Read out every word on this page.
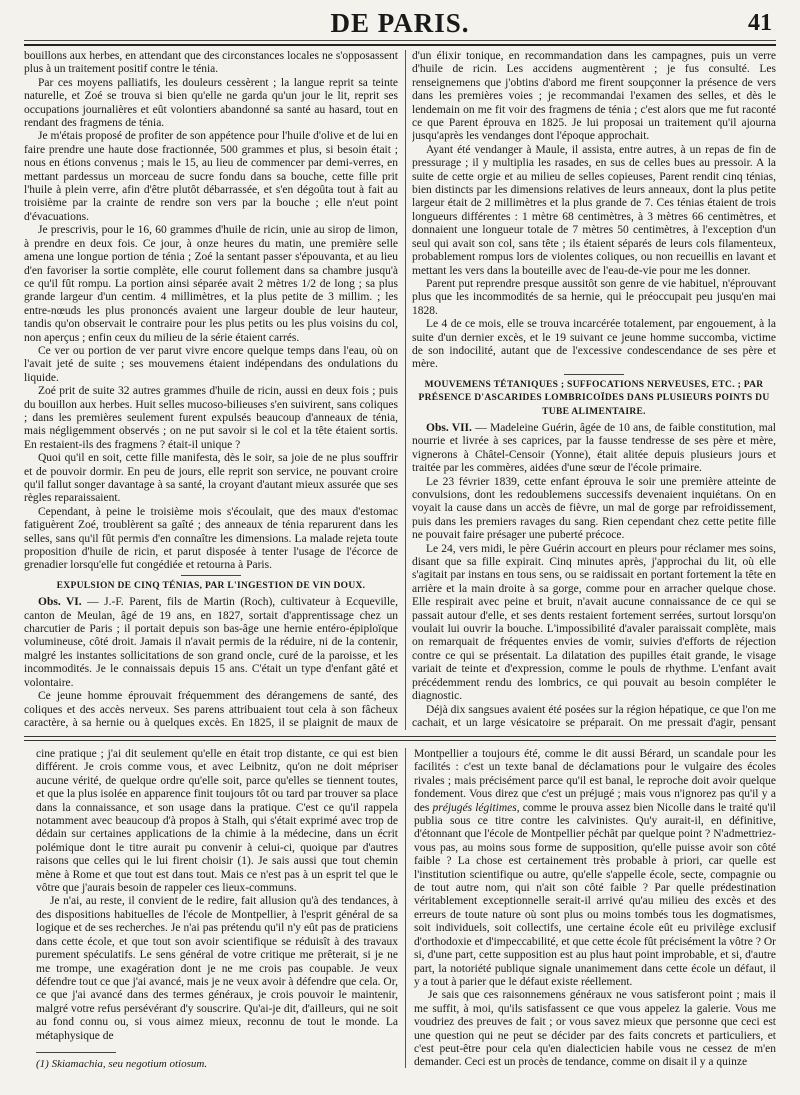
DE PARIS.	41

bouillons aux herbes, en attendant que des circonstances locales ne s'opposassent plus à un traitement positif contre le ténia.

Par ces moyens palliatifs, les douleurs cessèrent ; la langue reprit sa teinte naturelle, et Zoé se trouva si bien qu'elle ne garda qu'un jour le lit, reprit ses occupations journalières et eût volontiers abandonné sa santé au hasard, tout en rendant des fragmens de ténia.

Je m'étais proposé de profiter de son appétence pour l'huile d'olive et de lui en faire prendre une haute dose fractionnée, 500 grammes et plus, si besoin était ; nous en étions convenus ; mais le 15, au lieu de commencer par demi-verres, en mettant pardessus un morceau de sucre fondu dans sa bouche, cette fille prit l'huile à plein verre, afin d'être plutôt débarrassée, et s'en dégoûta tout à fait au troisième par la crainte de rendre son vers par la bouche ; elle n'eut point d'évacuations.

Je prescrivis, pour le 16, 60 grammes d'huile de ricin, unie au sirop de limon, à prendre en deux fois. Ce jour, à onze heures du matin, une première selle amena une longue portion de ténia ; Zoé la sentant passer s'épouvanta, et au lieu d'en favoriser la sortie complète, elle courut follement dans sa chambre jusqu'à ce qu'il fût rompu. La portion ainsi séparée avait 2 mètres 1/2 de long ; sa plus grande largeur d'un centim. 4 millimètres, et la plus petite de 3 millim. ; les entre-nœuds les plus prononcés avaient une largeur double de leur hauteur, tandis qu'on observait le contraire pour les plus petits ou les plus voisins du col, non aperçus ; enfin ceux du milieu de la série étaient carrés.

Ce ver ou portion de ver parut vivre encore quelque temps dans l'eau, où on l'avait jeté de suite ; ses mouvemens étaient indépendans des ondulations du liquide.

Zoé prit de suite 32 autres grammes d'huile de ricin, aussi en deux fois ; puis du bouillon aux herbes. Huit selles mucoso-bilieuses s'en suivirent, sans coliques ; dans les premières seulement furent expulsés beaucoup d'anneaux de ténia, mais négligemment observés ; on ne put savoir si le col et la tête étaient sortis. En restaient-ils des fragmens ? était-il unique ?

Quoi qu'il en soit, cette fille manifesta, dès le soir, sa joie de ne plus souffrir et de pouvoir dormir. En peu de jours, elle reprit son service, ne pouvant croire qu'il fallut songer davantage à sa santé, la croyant d'autant mieux assurée que ses règles reparaissaient.

Cependant, à peine le troisième mois s'écoulait, que des maux d'estomac fatiguèrent Zoé, troublèrent sa gaîté ; des anneaux de ténia reparurent dans les selles, sans qu'il fût permis d'en connaître les dimensions. La malade rejeta toute proposition d'huile de ricin, et parut disposée à tenter l'usage de l'écorce de grenadier lorsqu'elle fut congédiée et retourna à Paris.

EXPULSION DE CINQ TÉNIAS, PAR L'INGESTION DE VIN DOUX.

Obs. VI. — J.-F. Parent, fils de Martin (Roch), cultivateur à Ecqueville, canton de Meulan, âgé de 19 ans, en 1827, sortait d'apprentissage chez un charcutier de Paris ; il portait depuis son bas-âge une hernie entéro-épiploïque volumineuse, côté droit. Jamais il n'avait permis de la réduire, ni de la contenir, malgré les instantes sollicitations de son grand oncle, curé de la paroisse, et les incommodités. Je le connaissais depuis 15 ans. C'était un type d'enfant gâté et volontaire.

Ce jeune homme éprouvait fréquemment des dérangemens de santé, des coliques et des accès nerveux. Ses parens attribuaient tout cela à son fâcheux caractère, à sa hernie ou à quelques excès. En 1825, il se plaignit de maux de

d'un élixir tonique, en recommandation dans les campagnes, puis un verre d'huile de ricin. Les accidens augmentèrent ; je fus consulté. Les renseignemens que j'obtins d'abord me firent soupçonner la présence de vers dans les premières voies ; je recommandai l'examen des selles, et dès le lendemain on me fit voir des fragmens de ténia ; c'est alors que me fut raconté ce que Parent éprouva en 1825. Je lui proposai un traitement qu'il ajourna jusqu'après les vendanges dont l'époque approchait.

Ayant été vendanger à Maule, il assista, entre autres, à un repas de fin de pressurage ; il y multiplia les rasades, en sus de celles bues au pressoir. A la suite de cette orgie et au milieu de selles copieuses, Parent rendit cinq ténias, bien distincts par les dimensions relatives de leurs anneaux, dont la plus petite largeur était de 2 millimètres et la plus grande de 7. Ces ténias étaient de trois longueurs différentes : 1 mètre 68 centimètres, à 3 mètres 66 centimètres, et donnaient une longueur totale de 7 mètres 50 centimètres, à l'exception d'un seul qui avait son col, sans tête ; ils étaient séparés de leurs cols filamenteux, probablement rompus lors de violentes coliques, ou non recueillis en lavant et mettant les vers dans la bouteille avec de l'eau-de-vie pour me les donner.

Parent put reprendre presque aussitôt son genre de vie habituel, n'éprouvant plus que les incommodités de sa hernie, qui le préoccupait peu jusqu'en mai 1828.

Le 4 de ce mois, elle se trouva incarcérée totalement, par engouement, à la suite d'un dernier excès, et le 19 suivant ce jeune homme succomba, victime de son indocilité, autant que de l'excessive condescendance de ses père et mère.

MOUVEMENS TÉTANIQUES ; SUFFOCATIONS NERVEUSES, ETC. ; PAR PRÉSENCE D'ASCARIDES LOMBRICOÏDES DANS PLUSIEURS POINTS DU TUBE ALIMENTAIRE.

Obs. VII. — Madeleine Guérin, âgée de 10 ans, de faible constitution, mal nourrie et livrée à ses caprices, par la fausse tendresse de ses père et mère, vignerons à Châtel-Censoir (Yonne), était alitée depuis plusieurs jours et traitée par les commères, aidées d'une sœur de l'école primaire.

Le 23 février 1839, cette enfant éprouva le soir une première atteinte de convulsions, dont les redoublemens successifs devenaient inquiétans. On en voyait la cause dans un accès de fièvre, un mal de gorge par refroidissement, puis dans les premiers ravages du sang. Rien cependant chez cette petite fille ne pouvait faire présager une puberté précoce.

Le 24, vers midi, le père Guérin accourt en pleurs pour réclamer mes soins, disant que sa fille expirait. Cinq minutes après, j'approchai du lit, où elle s'agitait par instans en tous sens, ou se raidissait en portant fortement la tête en arrière et la main droite à sa gorge, comme pour en arracher quelque chose. Elle respirait avec peine et bruit, n'avait aucune connaissance de ce qui se passait autour d'elle, et ses dents restaient fortement serrées, surtout lorsqu'on voulait lui ouvrir la bouche. L'impossibilité d'avaler paraissait complète, mais on remarquait de fréquentes envies de vomir, suivies d'efforts de réjection contre ce qui se présentait. La dilatation des pupilles était grande, le visage variait de teinte et d'expression, comme le pouls de rhythme. L'enfant avait précédemment rendu des lombrics, ce qui pouvait au besoin compléter le diagnostic.

Déjà dix sangsues avaient été posées sur la région hépatique, ce que l'on me cachait, et un large vésicatoire se préparait. On me pressait d'agir, pensant

cine pratique ; j'ai dit seulement qu'elle en était trop distante, ce qui est bien différent. Je crois comme vous, et avec Leibnitz, qu'on ne doit mépriser aucune vérité, de quelque ordre qu'elle soit, parce qu'elles se tiennent toutes, et que la plus isolée en apparence finit toujours tôt ou tard par trouver sa place dans la connaissance, et son usage dans la pratique. C'est ce qu'il rappela notamment avec beaucoup d'à propos à Stalh, qui s'était exprimé avec trop de dédain sur certaines applications de la chimie à la médecine, dans un écrit polémique dont le titre aurait pu convenir à celui-ci, quoique par d'autres raisons que celles qui le lui firent choisir (1). Je sais aussi que tout chemin mène à Rome et que tout est dans tout. Mais ce n'est pas à un esprit tel que le vôtre que j'aurais besoin de rappeler ces lieux-communs.

Je n'ai, au reste, il convient de le redire, fait allusion qu'à des tendances, à des dispositions habituelles de l'école de Montpellier, à l'esprit général de sa logique et de ses recherches. Je n'ai pas prétendu qu'il n'y eût pas de praticiens dans cette école, et que tout son avoir scientifique se réduisît à des travaux purement spéculatifs. Le sens général de votre critique me prêterait, si je ne me trompe, une exagération dont je ne me crois pas coupable. Je veux défendre tout ce que j'ai avancé, mais je ne veux avoir à défendre que cela. Or, ce que j'ai avancé dans des termes généraux, je crois pouvoir le maintenir, malgré votre refus persévérant d'y souscrire. Qu'ai-je dit, d'ailleurs, qui ne soit au fond connu ou, si vous aimez mieux, reconnu de tout le monde. La métaphysique de

Montpellier a toujours été, comme le dit aussi Bérard, un scandale pour les facilités : c'est un texte banal de déclamations pour le vulgaire des écoles rivales ; mais précisément parce qu'il est banal, le reproche doit avoir quelque fondement. Vous direz que c'est un préjugé ; mais vous n'ignorez pas qu'il y a des préjugés légitimes, comme le prouva assez bien Nicolle dans le traité qu'il publia sous ce titre contre les calvinistes. Qu'y aurait-il, en définitive, d'étonnant que l'école de Montpellier péchât par quelque point ? N'admettriez-vous pas, au moins sous forme de supposition, qu'elle puisse avoir son côté faible ? La chose est certainement très probable à priori, car quelle est l'institution scientifique ou autre, qu'elle s'appelle école, secte, compagnie ou de tout autre nom, qui n'ait son côté faible ? Par quelle prédestination véritablement exceptionnelle serait-il arrivé qu'au milieu des excès et des erreurs de toute nature où sont plus ou moins tombés tous les dogmatismes, soit individuels, soit collectifs, une certaine école eût eu privilège exclusif d'orthodoxie et d'impeccabilité, et que cette école fût précisément la vôtre ? Or si, d'une part, cette supposition est au plus haut point improbable, et si, d'autre part, la notoriété publique signale unanimement dans cette école un défaut, il y a tout à parier que le défaut existe réellement.

Je sais que ces raisonnemens généraux ne vous satisferont point ; mais il me suffit, à moi, qu'ils satisfassent ce que vous appelez la galerie. Vous me voudriez des preuves de fait ; or vous savez mieux que personne que ceci est une question qui ne peut se décider par des faits concrets et particuliers, et c'est peut-être pour cela qu'en dialecticien habile vous ne cessez de m'en demander. Ceci est un procès de tendance, comme on disait il y a quinze

(1) Skiamachia, seu negotium otiosum.
